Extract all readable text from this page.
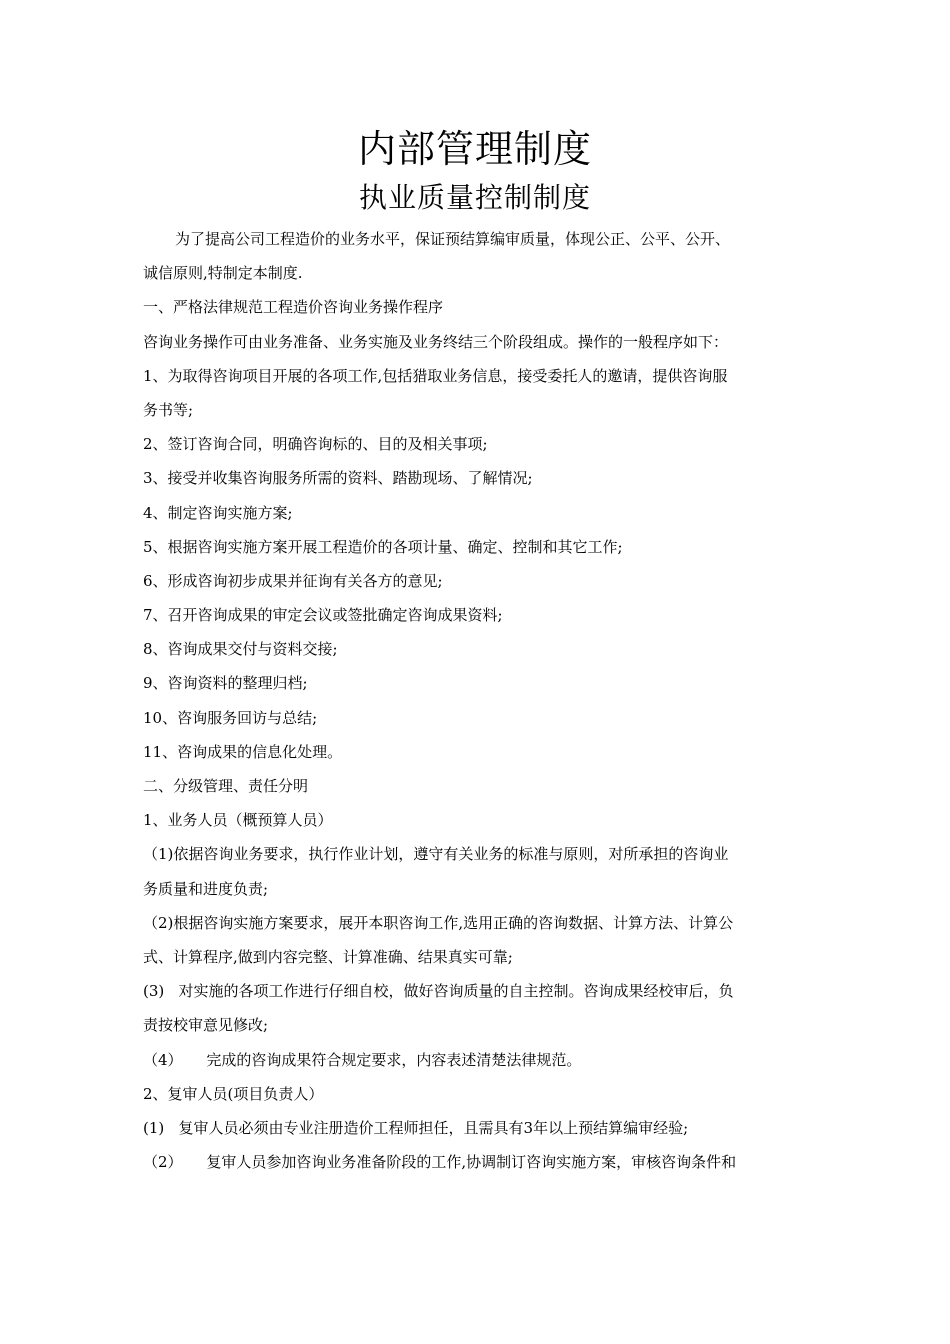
内部管理制度
执业质量控制制度
为了提高公司工程造价的业务水平，保证预结算编审质量，体现公正、公平、公开、
诚信原则,特制定本制度.
一、严格法律规范工程造价咨询业务操作程序
咨询业务操作可由业务准备、业务实施及业务终结三个阶段组成。操作的一般程序如下：
1、为取得咨询项目开展的各项工作,包括猎取业务信息，接受委托人的邀请，提供咨询服
务书等;
2、签订咨询合同，明确咨询标的、目的及相关事项;
3、接受并收集咨询服务所需的资料、踏勘现场、了解情况;
4、制定咨询实施方案;
5、根据咨询实施方案开展工程造价的各项计量、确定、控制和其它工作;
6、形成咨询初步成果并征询有关各方的意见;
7、召开咨询成果的审定会议或签批确定咨询成果资料;
8、咨询成果交付与资料交接;
9、咨询资料的整理归档;
10、咨询服务回访与总结;
11、咨询成果的信息化处理。
二、分级管理、责任分明
1、业务人员（概预算人员）
（1)依据咨询业务要求，执行作业计划，遵守有关业务的标准与原则，对所承担的咨询业
务质量和进度负责;
（2)根据咨询实施方案要求，展开本职咨询工作,选用正确的咨询数据、计算方法、计算公
式、计算程序,做到内容完整、计算准确、结果真实可靠;
(3)   对实施的各项工作进行仔细自校，做好咨询质量的自主控制。咨询成果经校审后，负
责按校审意见修改;
（4）     完成的咨询成果符合规定要求，内容表述清楚法律规范。
2、复审人员(项目负责人）
(1)   复审人员必须由专业注册造价工程师担任，且需具有3年以上预结算编审经验;
（2）     复审人员参加咨询业务准备阶段的工作,协调制订咨询实施方案，审核咨询条件和
